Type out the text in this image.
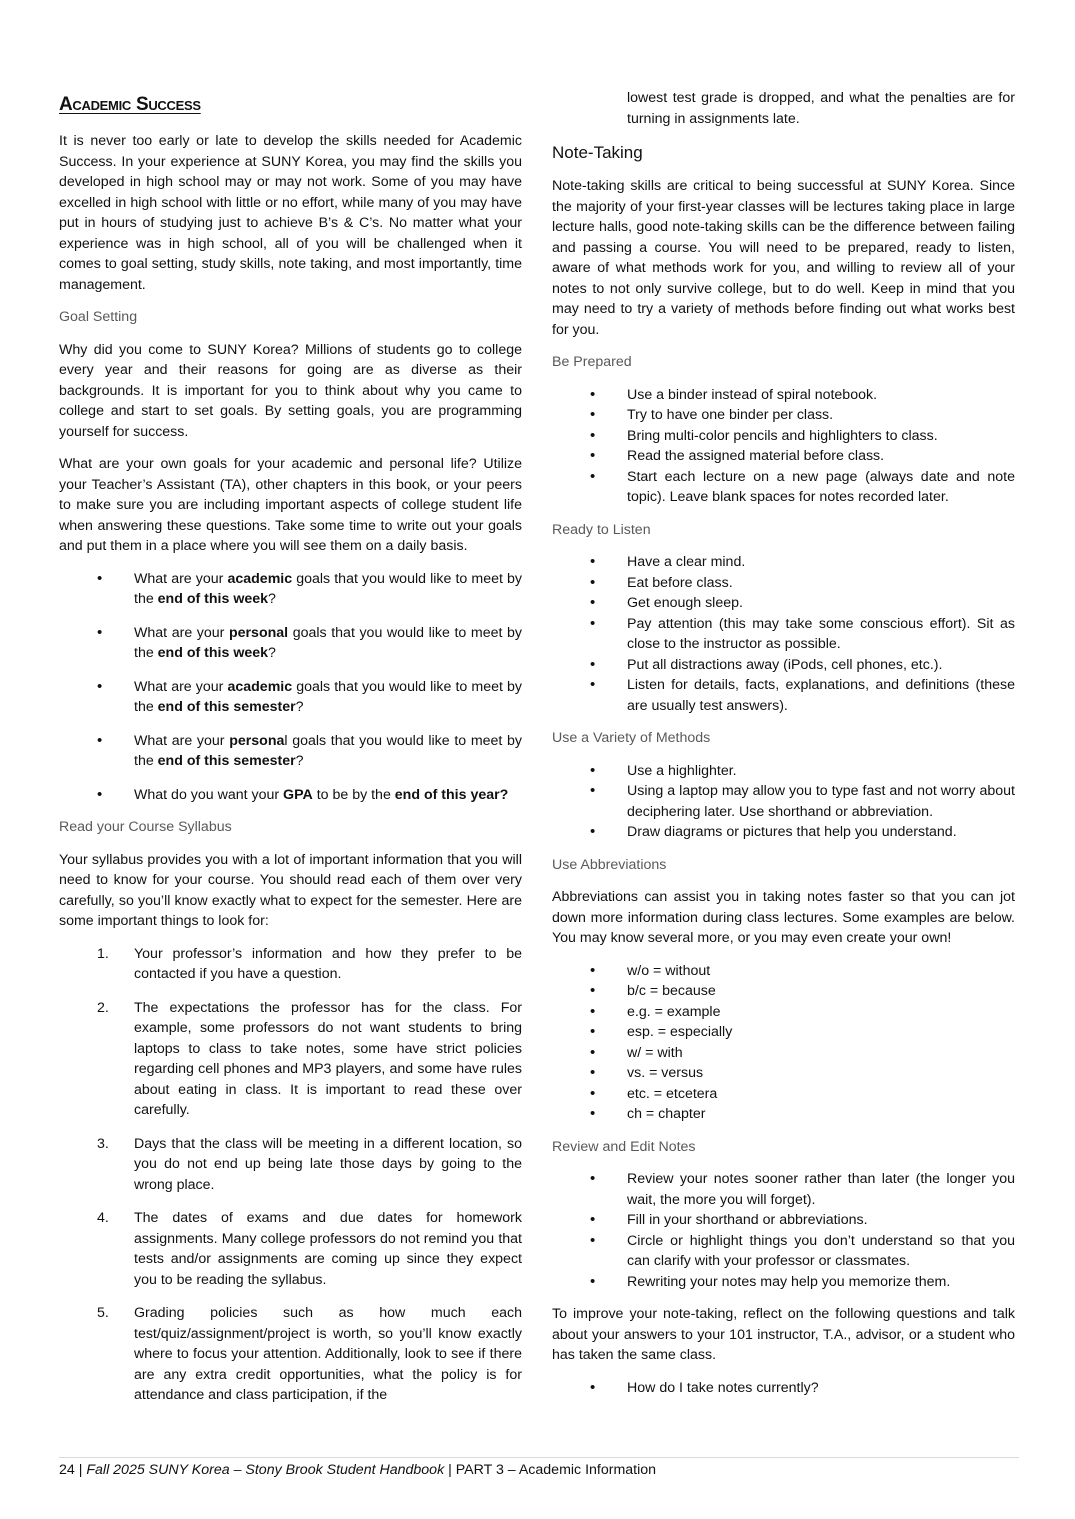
Academic Success

It is never too early or late to develop the skills needed for Academic Success. In your experience at SUNY Korea, you may find the skills you developed in high school may or may not work. Some of you may have excelled in high school with little or no effort, while many of you may have put in hours of studying just to achieve B’s & C’s. No matter what your experience was in high school, all of you will be challenged when it comes to goal setting, study skills, note taking, and most importantly, time management.

Goal Setting

Why did you come to SUNY Korea? Millions of students go to college every year and their reasons for going are as diverse as their backgrounds. It is important for you to think about why you came to college and start to set goals. By setting goals, you are programming yourself for success.

What are your own goals for your academic and personal life? Utilize your Teacher’s Assistant (TA), other chapters in this book, or your peers to make sure you are including important aspects of college student life when answering these questions. Take some time to write out your goals and put them in a place where you will see them on a daily basis.

• What are your academic goals that you would like to meet by the end of this week?
• What are your personal goals that you would like to meet by the end of this week?
• What are your academic goals that you would like to meet by the end of this semester?
• What are your personal goals that you would like to meet by the end of this semester?
• What do you want your GPA to be by the end of this year?
Read your Course Syllabus

Your syllabus provides you with a lot of important information that you will need to know for your course. You should read each of them over very carefully, so you’ll know exactly what to expect for the semester. Here are some important things to look for:

1. Your professor’s information and how they prefer to be contacted if you have a question.
2. The expectations the professor has for the class. For example, some professors do not want students to bring laptops to class to take notes, some have strict policies regarding cell phones and MP3 players, and some have rules about eating in class. It is important to read these over carefully.
3. Days that the class will be meeting in a different location, so you do not end up being late those days by going to the wrong place.
4. The dates of exams and due dates for homework assignments. Many college professors do not remind you that tests and/or assignments are coming up since they expect you to be reading the syllabus.
5. Grading policies such as how much each test/quiz/assignment/project is worth, so you’ll know exactly where to focus your attention. Additionally, look to see if there are any extra credit opportunities, what the policy is for attendance and class participation, if the
lowest test grade is dropped, and what the penalties are for turning in assignments late.
Note-Taking

Note-taking skills are critical to being successful at SUNY Korea. Since the majority of your first-year classes will be lectures taking place in large lecture halls, good note-taking skills can be the difference between failing and passing a course. You will need to be prepared, ready to listen, aware of what methods work for you, and willing to review all of your notes to not only survive college, but to do well. Keep in mind that you may need to try a variety of methods before finding out what works best for you.

Be Prepared
• Use a binder instead of spiral notebook.
• Try to have one binder per class.
• Bring multi-color pencils and highlighters to class.
• Read the assigned material before class.
• Start each lecture on a new page (always date and note topic). Leave blank spaces for notes recorded later.
Ready to Listen
• Have a clear mind.
• Eat before class.
• Get enough sleep.
• Pay attention (this may take some conscious effort). Sit as close to the instructor as possible.
• Put all distractions away (iPods, cell phones, etc.).
• Listen for details, facts, explanations, and definitions (these are usually test answers).
Use a Variety of Methods
• Use a highlighter.
• Using a laptop may allow you to type fast and not worry about deciphering later. Use shorthand or abbreviation.
• Draw diagrams or pictures that help you understand.
Use Abbreviations

Abbreviations can assist you in taking notes faster so that you can jot down more information during class lectures. Some examples are below. You may know several more, or you may even create your own!

• w/o = without
• b/c = because
• e.g. = example
• esp. = especially
• w/ = with
• vs. = versus
• etc. = etcetera
• ch = chapter
Review and Edit Notes
• Review your notes sooner rather than later (the longer you wait, the more you will forget).
• Fill in your shorthand or abbreviations.
• Circle or highlight things you don’t understand so that you can clarify with your professor or classmates.
• Rewriting your notes may help you memorize them.

To improve your note-taking, reflect on the following questions and talk about your answers to your 101 instructor, T.A., advisor, or a student who has taken the same class.

• How do I take notes currently?
24 | Fall 2025 SUNY Korea – Stony Brook Student Handbook | PART 3 – Academic Information
